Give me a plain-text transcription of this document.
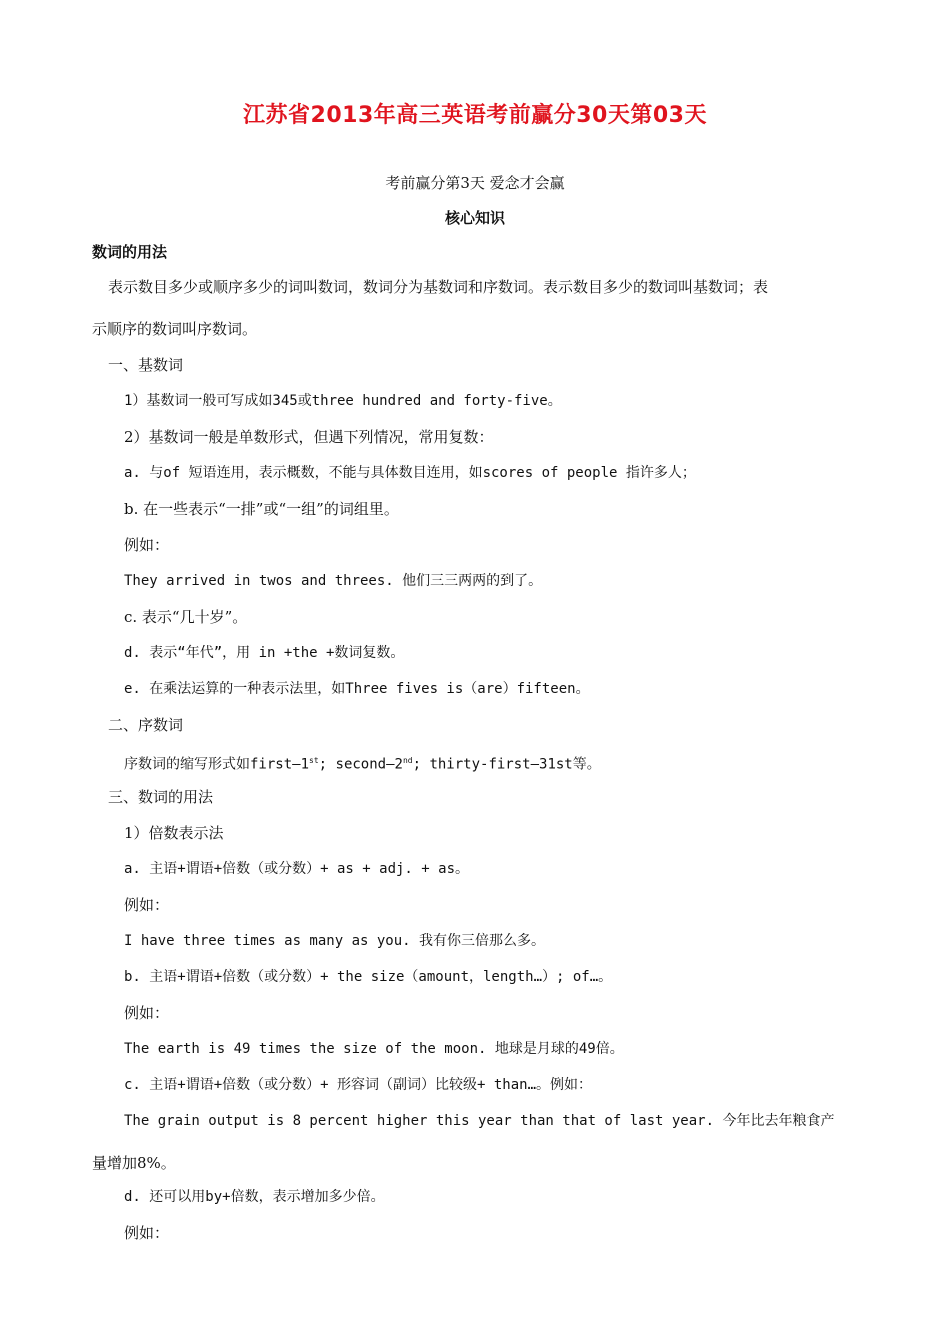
江苏省2013年高三英语考前赢分30天第03天
考前赢分第3天 爱念才会赢
核心知识
数词的用法
表示数目多少或顺序多少的词叫数词，数词分为基数词和序数词。表示数目多少的数词叫基数词；表
示顺序的数词叫序数词。
一、基数词
1）基数词一般可写成如345或three hundred and forty-five。
2）基数词一般是单数形式，但遇下列情况，常用复数：
a. 与of 短语连用，表示概数，不能与具体数目连用，如scores of people 指许多人；
b. 在一些表示“一排”或“一组”的词组里。
例如：
They arrived in twos and threes. 他们三三两两的到了。
c. 表示“几十岁”。
d. 表示“年代”，用 in +the +数词复数。
e. 在乘法运算的一种表示法里，如Three fives is（are）fifteen。
二、序数词
序数词的缩写形式如first—1st; second—2nd; thirty-first—31st等。
三、数词的用法
1）倍数表示法
a. 主语+谓语+倍数（或分数）+ as + adj. + as。
例如：
I have three times as many as you. 我有你三倍那么多。
b. 主语+谓语+倍数（或分数）+ the size（amount，length…）; of…。
例如：
The earth is 49 times the size of the moon. 地球是月球的49倍。
c. 主语+谓语+倍数（或分数）+ 形容词（副词）比较级+ than…。例如：
The grain output is 8 percent higher this year than that of last year. 今年比去年粮食产
量增加8%。
d. 还可以用by+倍数，表示增加多少倍。
例如：
